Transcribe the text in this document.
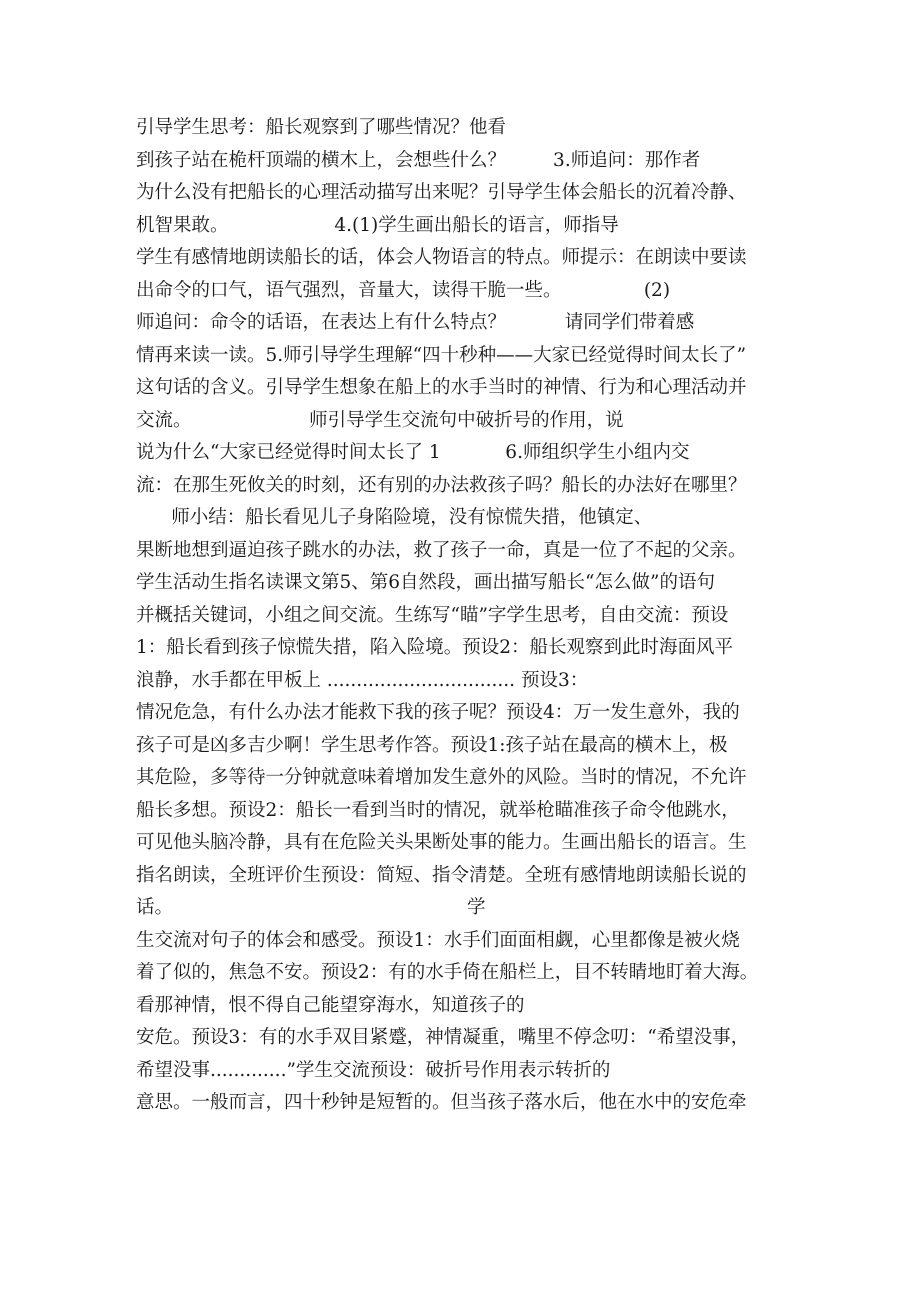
引导学生思考：船长观察到了哪些情况？他看
到孩子站在桅杆顶端的横木上，会想些什么？        3.师追问：那作者
为什么没有把船长的心理活动描写出来呢？引导学生体会船长的沉着冷静、
机智果敢。                  4.(1)学生画出船长的语言，师指导
学生有感情地朗读船长的话，体会人物语言的特点。师提示：在朗读中要读
出命令的口气，语气强烈，音量大，读得干脆一些。              (2)
师追问：命令的话语，在表达上有什么特点？          请同学们带着感
情再来读一读。5.师引导学生理解“四十秒种——大家已经觉得时间太长了”
这句话的含义。引导学生想象在船上的水手当时的神情、行为和心理活动并
交流。                    师引导学生交流句中破折号的作用，说
说为什么“大家已经觉得时间太长了 1           6.师组织学生小组内交
流：在那生死攸关的时刻，还有别的办法救孩子吗？船长的办法好在哪里？
师小结：船长看见儿子身陷险境，没有惊慌失措，他镇定、
果断地想到逼迫孩子跳水的办法，救了孩子一命，真是一位了不起的父亲。
学生活动生指名读课文第5、第6自然段，画出描写船长“怎么做”的语句
并概括关键词，小组之间交流。生练写“瞄”字学生思考，自由交流：预设
1：船长看到孩子惊慌失措，陷入险境。预设2：船长观察到此时海面风平
浪静，水手都在甲板上 ................................ 预设3：
情况危急，有什么办法才能救下我的孩子呢？预设4：万一发生意外，我的
孩子可是凶多吉少啊！学生思考作答。预设1:孩子站在最高的横木上，极
其危险，多等待一分钟就意味着增加发生意外的风险。当时的情况，不允许
船长多想。预设2：船长一看到当时的情况，就举枪瞄准孩子命令他跳水，
可见他头脑冷静，具有在危险关头果断处事的能力。生画出船长的语言。生
指名朗读，全班评价生预设：简短、指令清楚。全班有感情地朗读船长说的
话。                                                  学
生交流对句子的体会和感受。预设1：水手们面面相觑，心里都像是被火烧
着了似的，焦急不安。预设2：有的水手倚在船栏上，目不转睛地盯着大海。
看那神情，恨不得自己能望穿海水，知道孩子的
安危。预设3：有的水手双目紧蹙，神情凝重，嘴里不停念叨：“希望没事，
希望没事.............”学生交流预设：破折号作用表示转折的
意思。一般而言，四十秒钟是短暂的。但当孩子落水后，他在水中的安危牵
